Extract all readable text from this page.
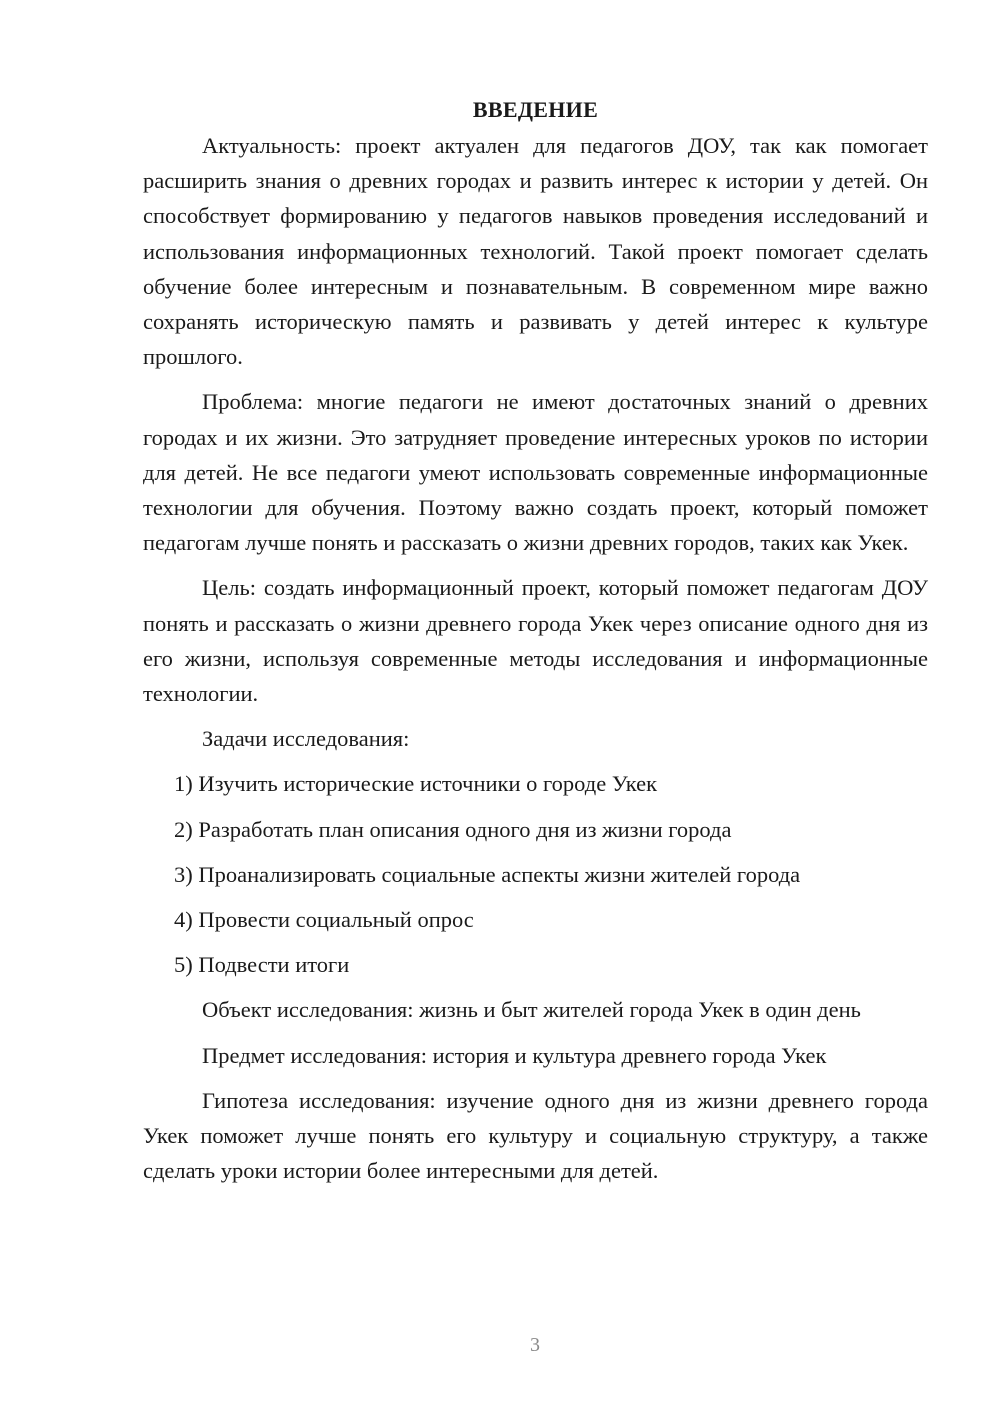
ВВЕДЕНИЕ

Актуальность: проект актуален для педагогов ДОУ, так как помогает расширить знания о древних городах и развить интерес к истории у детей. Он способствует формированию у педагогов навыков проведения исследований и использования информационных технологий. Такой проект помогает сделать обучение более интересным и познавательным. В современном мире важно сохранять историческую память и развивать у детей интерес к культуре прошлого.

Проблема: многие педагоги не имеют достаточных знаний о древних городах и их жизни. Это затрудняет проведение интересных уроков по истории для детей. Не все педагоги умеют использовать современные информационные технологии для обучения. Поэтому важно создать проект, который поможет педагогам лучше понять и рассказать о жизни древних городов, таких как Укек.

Цель: создать информационный проект, который поможет педагогам ДОУ понять и рассказать о жизни древнего города Укек через описание одного дня из его жизни, используя современные методы исследования и информационные технологии.

Задачи исследования:

1) Изучить исторические источники о городе Укек
2) Разработать план описания одного дня из жизни города
3) Проанализировать социальные аспекты жизни жителей города
4) Провести социальный опрос
5) Подвести итоги

Объект исследования: жизнь и быт жителей города Укек в один день

Предмет исследования: история и культура древнего города Укек

Гипотеза исследования: изучение одного дня из жизни древнего города Укек поможет лучше понять его культуру и социальную структуру, а также сделать уроки истории более интересными для детей.

3
